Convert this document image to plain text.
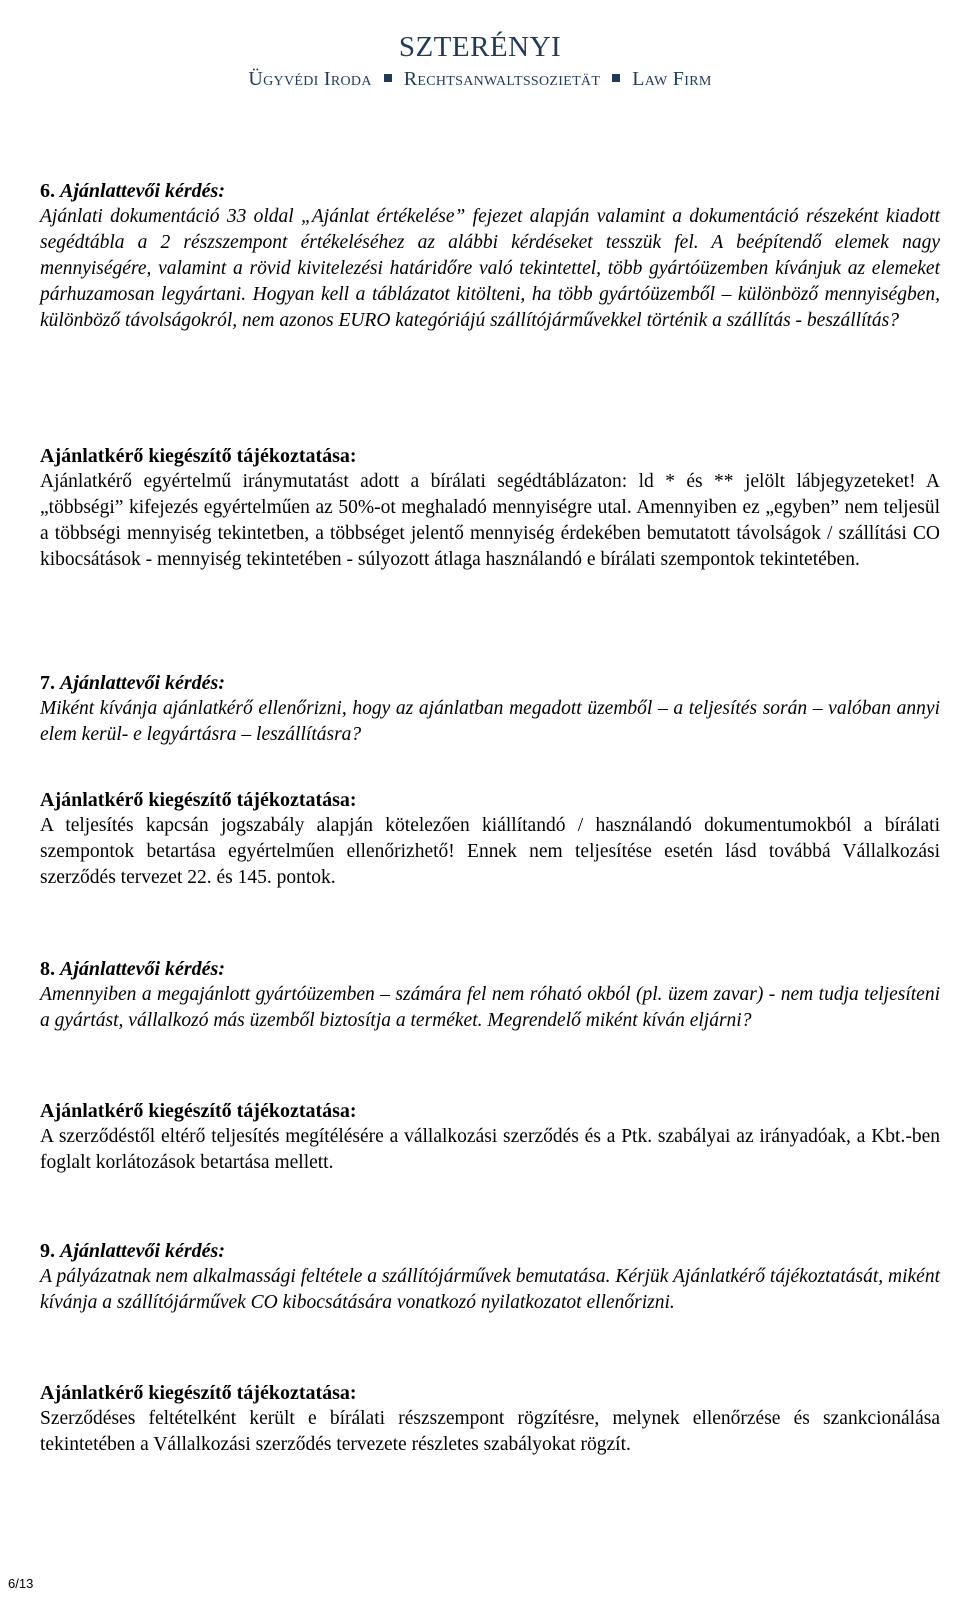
SZTERÉNYI
Ügyvédi Iroda Rechtsanwaltssozietät Law Firm
6. Ajánlattevői kérdés:
Ajánlati dokumentáció 33 oldal „Ajánlat értékelése” fejezet alapján valamint a dokumentáció részeként kiadott segédtábla a 2 részszempont értékeléséhez az alábbi kérdéseket tesszük fel. A beépítendő elemek nagy mennyiségére, valamint a rövid kivitelezési határidőre való tekintettel, több gyártóüzemben kívánjuk az elemeket párhuzamosan legyártani. Hogyan kell a táblázatot kitölteni, ha több gyártóüzemből – különböző mennyiségben, különböző távolságokról, nem azonos EURO kategóriájú szállítójárművekkel történik a szállítás - beszállítás?
Ajánlatkérő kiegészítő tájékoztatása:
Ajánlatkérő egyértelmű iránymutatást adott a bírálati segédtáblázaton: ld * és ** jelölt lábjegyzeteket! A „többségi” kifejezés egyértelműen az 50%-ot meghaladó mennyiségre utal. Amennyiben ez „egyben” nem teljesül a többségi mennyiség tekintetben, a többséget jelentő mennyiség érdekében bemutatott távolságok / szállítási CO kibocsátások - mennyiség tekintetében - súlyozott átlaga használandó e bírálati szempontok tekintetében.
7. Ajánlattevői kérdés:
Miként kívánja ajánlatkérő ellenőrizni, hogy az ajánlatban megadott üzemből – a teljesítés során – valóban annyi elem kerül- e legyártásra – leszállításra?
Ajánlatkérő kiegészítő tájékoztatása:
A teljesítés kapcsán jogszabály alapján kötelezően kiállítandó / használandó dokumentumokból a bírálati szempontok betartása egyértelműen ellenőrizhető! Ennek nem teljesítése esetén lásd továbbá Vállalkozási szerződés tervezet 22. és 145. pontok.
8. Ajánlattevői kérdés:
Amennyiben a megajánlott gyártóüzemben – számára fel nem róható okból (pl. üzem zavar) - nem tudja teljesíteni a gyártást, vállalkozó más üzemből biztosítja a terméket. Megrendelő miként kíván eljárni?
Ajánlatkérő kiegészítő tájékoztatása:
A szerződéstől eltérő teljesítés megítélésére a vállalkozási szerződés és a Ptk. szabályai az irányadóak, a Kbt.-ben foglalt korlátozások betartása mellett.
9. Ajánlattevői kérdés:
A pályázatnak nem alkalmassági feltétele a szállítójárművek bemutatása. Kérjük Ajánlatkérő tájékoztatását, miként kívánja a szállítójárművek CO kibocsátására vonatkozó nyilatkozatot ellenőrizni.
Ajánlatkérő kiegészítő tájékoztatása:
Szerződéses feltételként került e bírálati részszempont rögzítésre, melynek ellenőrzése és szankcionálása tekintetében a Vállalkozási szerződés tervezete részletes szabályokat rögzít.
6/13
